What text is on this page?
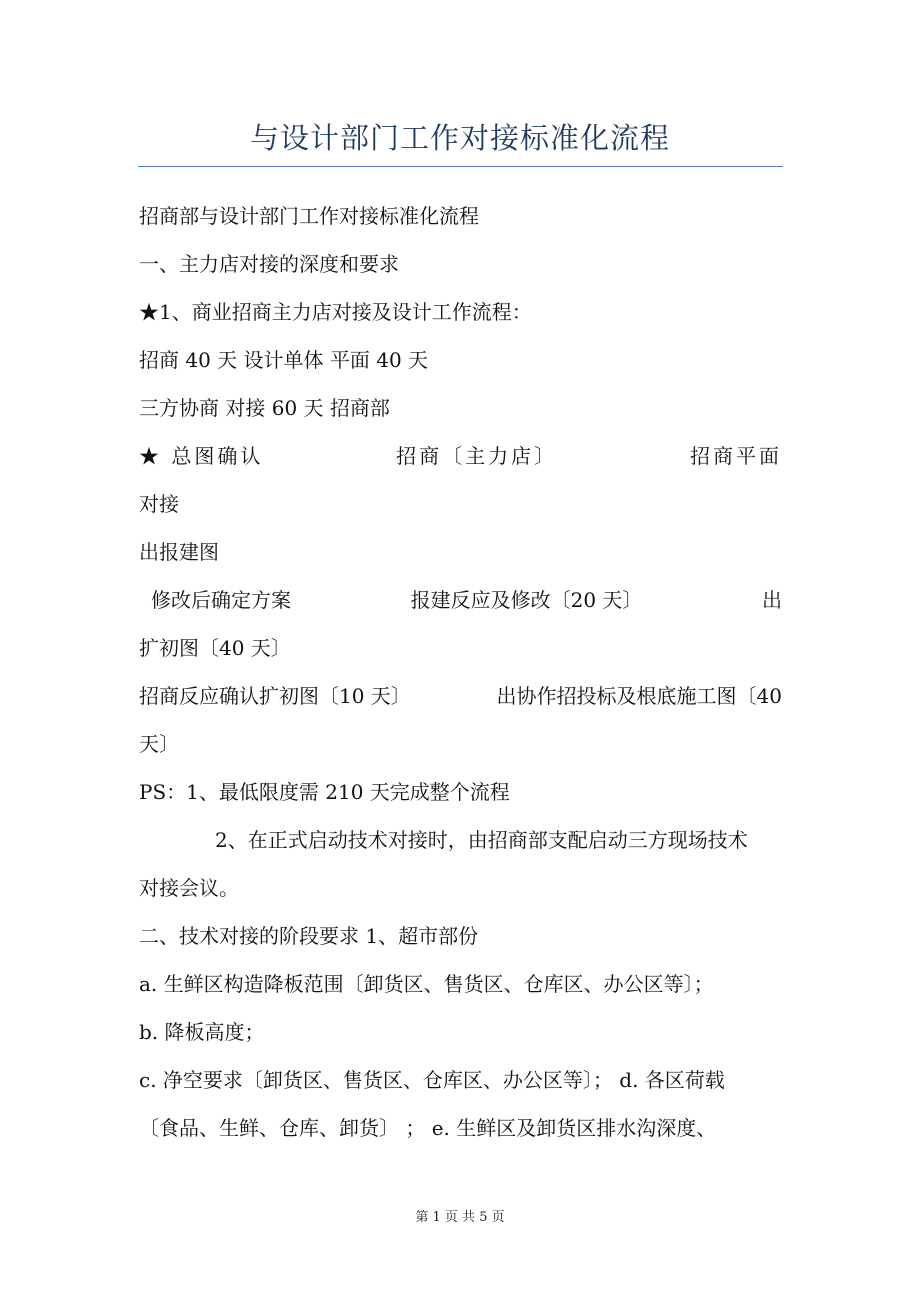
与设计部门工作对接标准化流程
招商部与设计部门工作对接标准化流程
一、主力店对接的深度和要求
★1、商业招商主力店对接及设计工作流程：
招商 40 天 设计单体 平面 40 天
三方协商 对接 60 天 招商部
★ 总图确认	招商〔主力店〕	招商平面
对接
出报建图
修改后确定方案	报建反应及修改〔20 天〕	出
扩初图〔40 天〕
招商反应确认扩初图〔10 天〕	出协作招投标及根底施工图〔40
天〕
PS：1、最低限度需 210 天完成整个流程
2、在正式启动技术对接时，由招商部支配启动三方现场技术
对接会议。
二、技术对接的阶段要求 1、超市部份
a. 生鲜区构造降板范围〔卸货区、售货区、仓库区、办公区等〕；
b. 降板高度；
c. 净空要求〔卸货区、售货区、仓库区、办公区等〕； d. 各区荷载
〔食品、生鲜、仓库、卸货〕 ； e. 生鲜区及卸货区排水沟深度、
第 1 页 共 5 页
